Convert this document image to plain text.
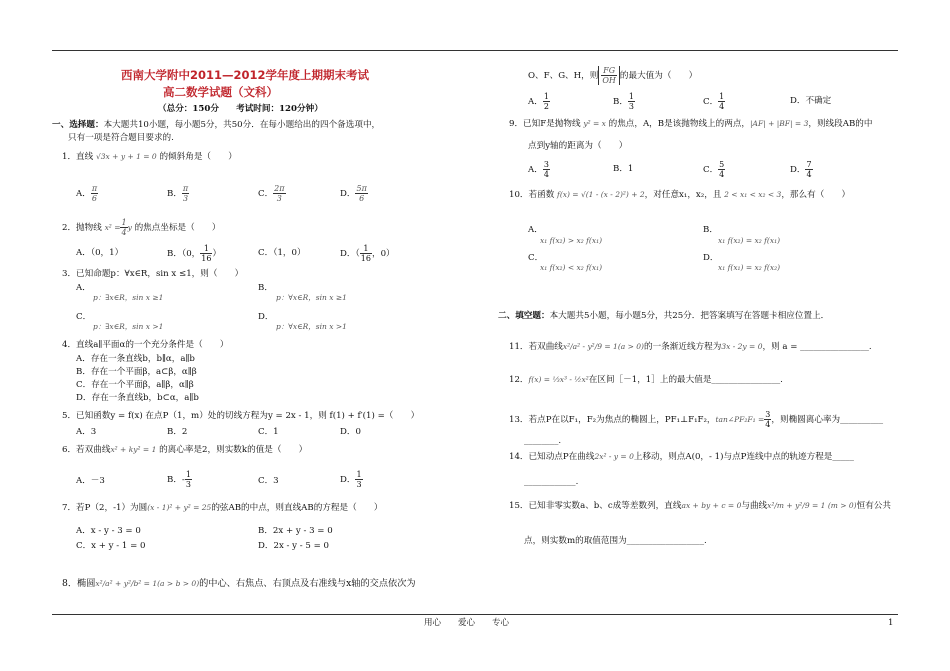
西南大学附中2011—2012学年度上期期末考试
高二数学试题（文科）
（总分：150分　　考试时间：120分钟）
一、选择题：本大题共10小题，每小题5分，共50分．在每小题给出的四个备选项中，
只有一项是符合题目要求的.
1．直线 √3x + y + 1 = 0 的倾斜角是（　　）
A． $\frac{\pi}{6}$	B． $\frac{\pi}{3}$	C． $\frac{2\pi}{3}$	D． $\frac{5\pi}{6}$
2．抛物线 $x^2 = \frac{1}{4}$ y 的焦点坐标是（　　）
A．（0，1）	B．（0， $\frac{1}{16}$ ）	C．（1，0）	D．（ $\frac{1}{16}$ ，0）
3．已知命题p：∀x∈R，sin x ≤1，则（　　）
A．
p：∃x∈R，sin x ≥1
B．
p：∀x∈R，sin x ≥1
C．
p：∃x∈R，sin x >1
D．
p：∀x∈R，sin x >1
4．直线a∥平面α的一个充分条件是（　　）
A．存在一条直线b，b∥α，a∥b
B．存在一个平面β，a⊂β，α∥β
C．存在一个平面β，a∥β，α∥β
D．存在一条直线b，b⊂α，a∥b
5．已知函数y = f(x) 在点P（1，m）处的切线方程为y = 2x - 1，则 f(1) + f′(1) =（　　）
A．3	B．2	C．1	D．0
6．若双曲线x² + ky² = 1 的离心率是2，则实数k的值是（　　）
A．－3	B．- $\frac{1}{3}$	C．3	D． $\frac{1}{3}$
7．若P（2，-1）为圆(x - 1)² + y² = 25的弦AB的中点，则直线AB的方程是（　　）
A．x - y - 3 = 0	B．2x + y - 3 = 0
C．x + y - 1 = 0	D．2x - y - 5 = 0
8．椭圆x²/a² + y²/b² = 1(a > b > 0)的中心、右焦点、右顶点及右准线与x轴的交点依次为
O、F、G、H，则 $\frac{FG}{OH}$ 的最大值为（　　）
A． $\frac{1}{2}$	B． $\frac{1}{3}$	C． $\frac{1}{4}$	D．不确定
9．已知F是抛物线 y² = x 的焦点，A，B是该抛物线上的两点，|AF| + |BF| = 3，则线段AB的中
点到y轴的距离为（　　）
A． $\frac{3}{4}$	B．1	C． $\frac{5}{4}$	D． $\frac{7}{4}$
10．若函数 f(x) = √(1 - (x - 2)²) + 2，对任意x₁，x₂，且 2 < x₁ < x₂ < 3，那么有（　　）
A．
x₁ f(x₂) > x₂ f(x₁)
B．
x₁ f(x₂) = x₂ f(x₁)
C．
x₁ f(x₂) < x₂ f(x₁)
D．
x₁ f(x₁) = x₂ f(x₂)
二、填空题：本大题共5小题，每小题5分，共25分．把答案填写在答题卡相应位置上．
11．若双曲线x²/a² - y²/9 = 1(a > 0)的一条渐近线方程为3x - 2y = 0，则 a = ________________.
12．f(x) = ⅓x³ - ½x²在区间［－1，1］上的最大值是________________.
13．若点P在以F₁，F₂为焦点的椭圆上，PF₁⊥F₁F₂，tan∠PF₂F₁ = $\frac{3}{4}$ ，则椭圆离心率为__________
________.
14．已知动点P在曲线2x² - y = 0上移动，则点A(0，- 1)与点P连线中点的轨迹方程是_____
____________.
15．已知非零实数a、b、c成等差数列，直线ax + by + c = 0与曲线x²/m + y²/9 = 1 (m > 0)恒有公共
点，则实数m的取值范围为__________________.
用心　　爱心　　专心	1
